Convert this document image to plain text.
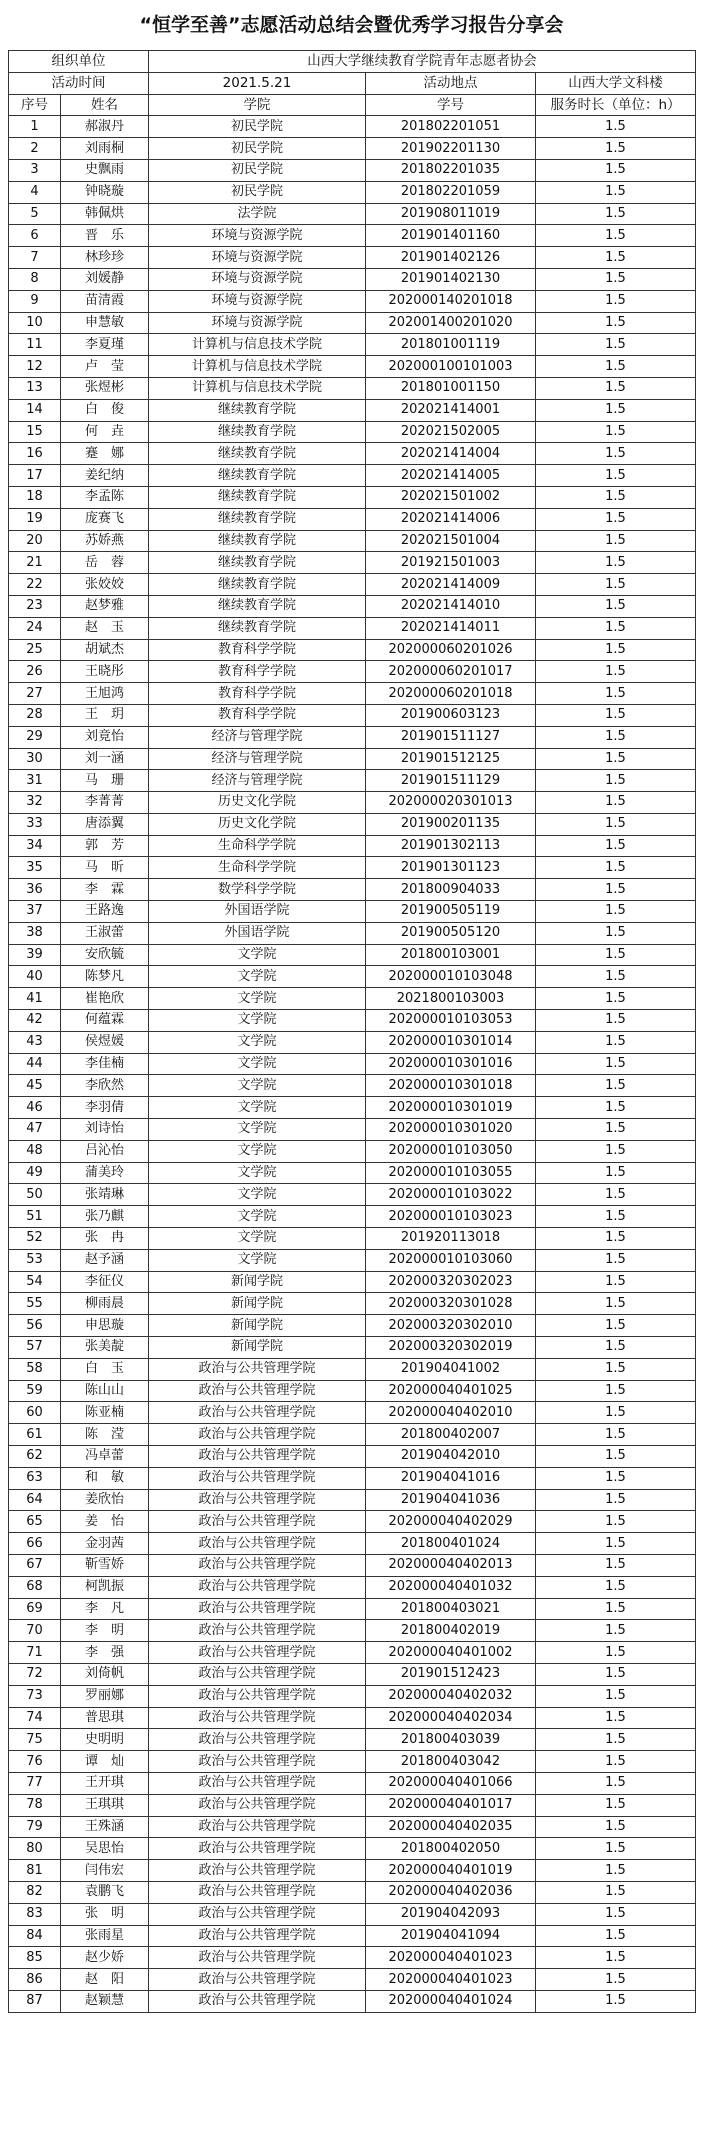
“恒学至善”志愿活动总结会暨优秀学习报告分享会
组织单位		山西大学继续教育学院青年志愿者协会		
活动时间		2021.5.21	活动地点	山西大学文科楼
序号	姓名	学院	学号	服务时长（单位：h）
1	郝淑丹	初民学院	201802201051	1.5
2	刘雨桐	初民学院	201902201130	1.5
3	史飘雨	初民学院	201802201035	1.5
4	钟晓璇	初民学院	201802201059	1.5
5	韩佩烘	法学院	201908011019	1.5
6	晋　乐	环境与资源学院	201901401160	1.5
7	林珍珍	环境与资源学院	201901402126	1.5
8	刘媛静	环境与资源学院	201901402130	1.5
9	苗清霞	环境与资源学院	202000140201018	1.5
10	申慧敏	环境与资源学院	202001400201020	1.5
11	李夏瑾	计算机与信息技术学院	201801001119	1.5
12	卢　莹	计算机与信息技术学院	202000100101003	1.5
13	张煜彬	计算机与信息技术学院	201801001150	1.5
14	白　俊	继续教育学院	202021414001	1.5
15	何　垚	继续教育学院	202021502005	1.5
16	蹇　娜	继续教育学院	202021414004	1.5
17	姜纪纳	继续教育学院	202021414005	1.5
18	李孟陈	继续教育学院	202021501002	1.5
19	庞赛飞	继续教育学院	202021414006	1.5
20	苏娇燕	继续教育学院	202021501004	1.5
21	岳　蓉	继续教育学院	201921501003	1.5
22	张姣姣	继续教育学院	202021414009	1.5
23	赵梦雅	继续教育学院	202021414010	1.5
24	赵　玉	继续教育学院	202021414011	1.5
25	胡斌杰	教育科学学院	202000060201026	1.5
26	王晓彤	教育科学学院	202000060201017	1.5
27	王旭鸿	教育科学学院	202000060201018	1.5
28	王　玥	教育科学学院	201900603123	1.5
29	刘竟怡	经济与管理学院	201901511127	1.5
30	刘一涵	经济与管理学院	201901512125	1.5
31	马　珊	经济与管理学院	201901511129	1.5
32	李菁菁	历史文化学院	202000020301013	1.5
33	唐添翼	历史文化学院	201900201135	1.5
34	郭　芳	生命科学学院	201901302113	1.5
35	马　昕	生命科学学院	201901301123	1.5
36	李　霖	数学科学学院	201800904033	1.5
37	王路逸	外国语学院	201900505119	1.5
38	王淑蕾	外国语学院	201900505120	1.5
39	安欣毓	文学院	201800103001	1.5
40	陈梦凡	文学院	202000010103048	1.5
41	崔艳欣	文学院	2021800103003	1.5
42	何蕴霖	文学院	202000010103053	1.5
43	侯煜媛	文学院	202000010301014	1.5
44	李佳楠	文学院	202000010301016	1.5
45	李欣然	文学院	202000010301018	1.5
46	李羽倩	文学院	202000010301019	1.5
47	刘诗怡	文学院	202000010301020	1.5
48	吕沁怡	文学院	202000010103050	1.5
49	蒲美玲	文学院	202000010103055	1.5
50	张靖琳	文学院	202000010103022	1.5
51	张乃麒	文学院	202000010103023	1.5
52	张　冉	文学院	201920113018	1.5
53	赵予涵	文学院	202000010103060	1.5
54	李征仪	新闻学院	202000320302023	1.5
55	柳雨晨	新闻学院	202000320301028	1.5
56	申思璇	新闻学院	202000320302010	1.5
57	张美靛	新闻学院	202000320302019	1.5
58	白　玉	政治与公共管理学院	201904041002	1.5
59	陈山山	政治与公共管理学院	202000040401025	1.5
60	陈亚楠	政治与公共管理学院	202000040402010	1.5
61	陈　滢	政治与公共管理学院	201800402007	1.5
62	冯卓蕾	政治与公共管理学院	201904042010	1.5
63	和　敏	政治与公共管理学院	201904041016	1.5
64	姜欣怡	政治与公共管理学院	201904041036	1.5
65	姜　怡	政治与公共管理学院	202000040402029	1.5
66	金羽茜	政治与公共管理学院	201800401024	1.5
67	靳雪娇	政治与公共管理学院	202000040402013	1.5
68	柯凯振	政治与公共管理学院	202000040401032	1.5
69	李　凡	政治与公共管理学院	201800403021	1.5
70	李　明	政治与公共管理学院	201800402019	1.5
71	李　强	政治与公共管理学院	202000040401002	1.5
72	刘倚帆	政治与公共管理学院	201901512423	1.5
73	罗丽娜	政治与公共管理学院	202000040402032	1.5
74	普思琪	政治与公共管理学院	202000040402034	1.5
75	史明明	政治与公共管理学院	201800403039	1.5
76	谭　灿	政治与公共管理学院	201800403042	1.5
77	王开琪	政治与公共管理学院	202000040401066	1.5
78	王琪琪	政治与公共管理学院	202000040401017	1.5
79	王殊涵	政治与公共管理学院	202000040402035	1.5
80	吴思怡	政治与公共管理学院	201800402050	1.5
81	闫伟宏	政治与公共管理学院	202000040401019	1.5
82	袁鹏飞	政治与公共管理学院	202000040402036	1.5
83	张　明	政治与公共管理学院	201904042093	1.5
84	张雨星	政治与公共管理学院	201904041094	1.5
85	赵少娇	政治与公共管理学院	202000040401023	1.5
86	赵　阳	政治与公共管理学院	202000040401023	1.5
87	赵颖慧	政治与公共管理学院	202000040401024	1.5
